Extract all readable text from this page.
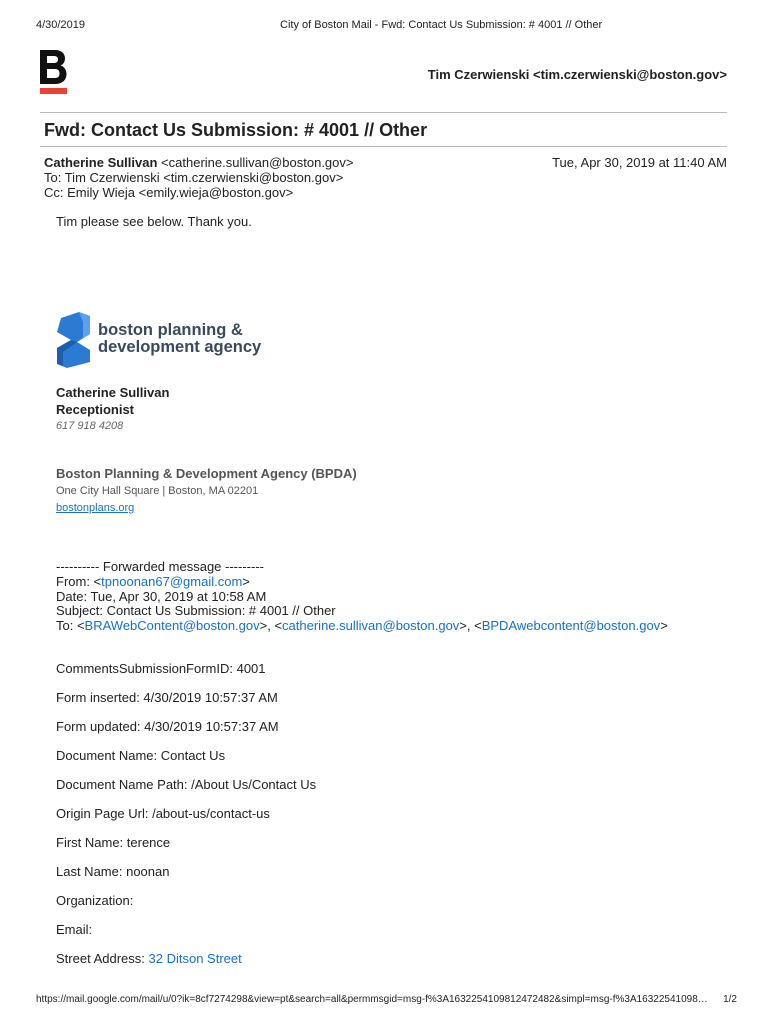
4/30/2019	City of Boston Mail - Fwd: Contact Us Submission: # 4001 // Other
Tim Czerwienski <tim.czerwienski@boston.gov>
Fwd: Contact Us Submission: # 4001 // Other
Catherine Sullivan <catherine.sullivan@boston.gov>	Tue, Apr 30, 2019 at 11:40 AM
To: Tim Czerwienski <tim.czerwienski@boston.gov>
Cc: Emily Wieja <emily.wieja@boston.gov>
Tim please see below. Thank you.
boston planning &
development agency
Catherine Sullivan
Receptionist
617 918 4208
Boston Planning & Development Agency (BPDA)
One City Hall Square | Boston, MA 02201
bostonplans.org
---------- Forwarded message ---------
From: <tpnoonan67@gmail.com>
Date: Tue, Apr 30, 2019 at 10:58 AM
Subject: Contact Us Submission: # 4001 // Other
To: <BRAWebContent@boston.gov>, <catherine.sullivan@boston.gov>, <BPDAwebcontent@boston.gov>
CommentsSubmissionFormID: 4001
Form inserted: 4/30/2019 10:57:37 AM
Form updated: 4/30/2019 10:57:37 AM
Document Name: Contact Us
Document Name Path: /About Us/Contact Us
Origin Page Url: /about-us/contact-us
First Name: terence
Last Name: noonan
Organization:
Email:
Street Address: 32 Ditson Street
https://mail.google.com/mail/u/0?ik=8cf7274298&view=pt&search=all&permmsgid=msg-f%3A1632254109812472482&simpl=msg-f%3A16322541098…	1/2
